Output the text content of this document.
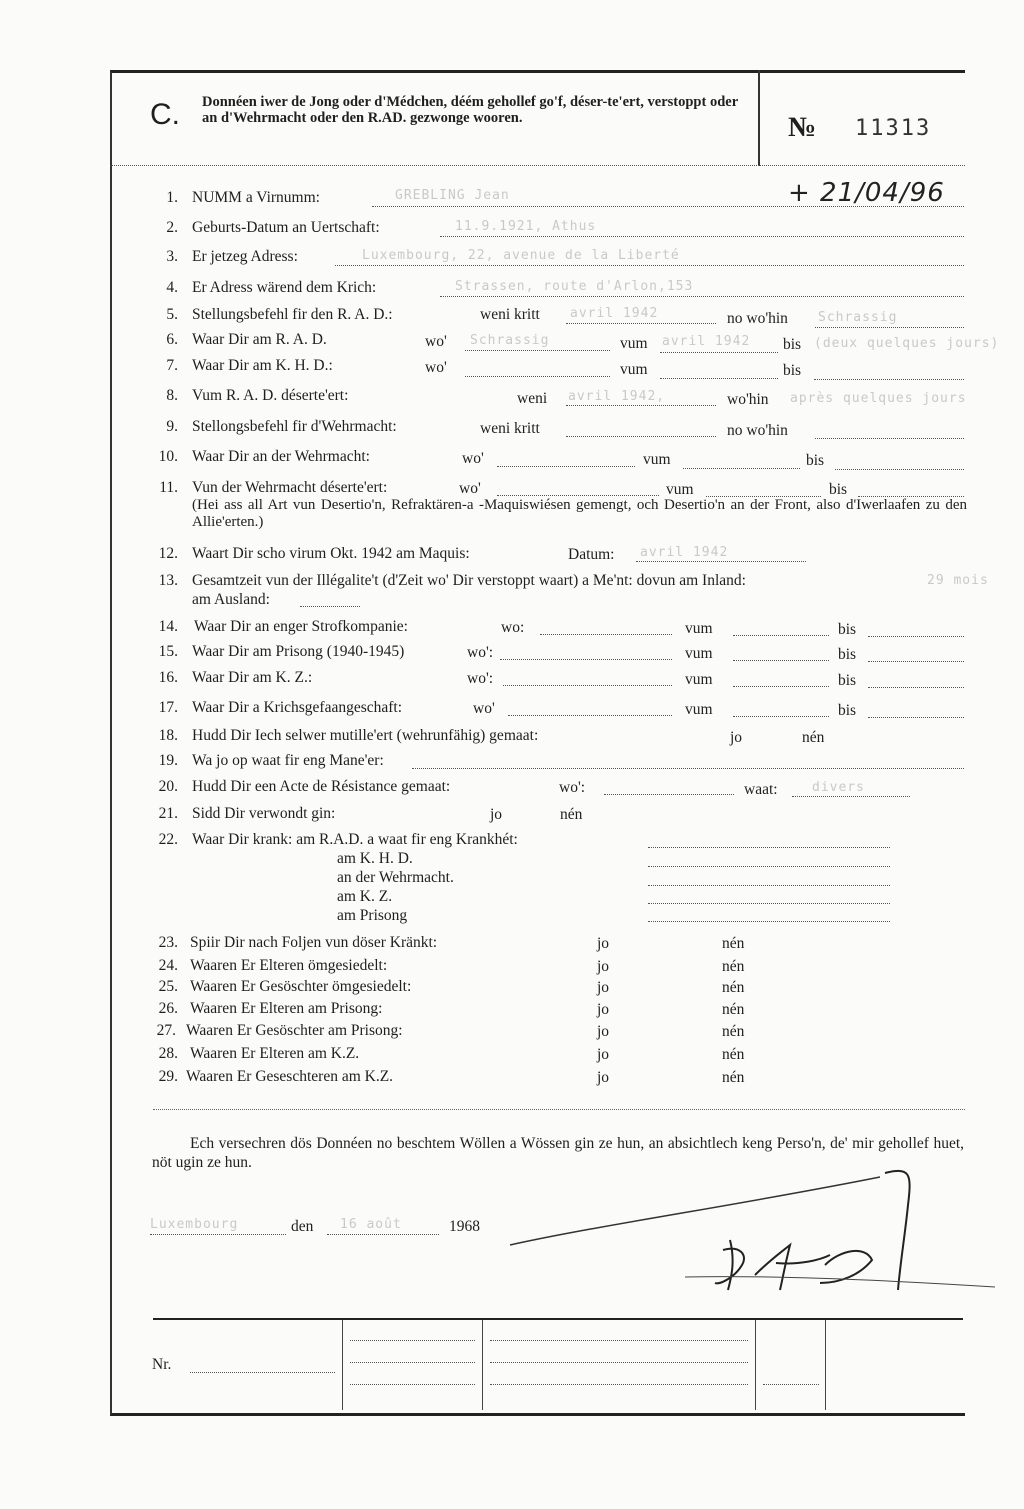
C. Donnéen iwer de Jong oder d'Médchen, déém gehollef go'f, déser-te'ert, verstoppt oder an d'Wehrmacht oder den R.AD. gezwonge wooren.	№ 11313
1. NUMM a Virnumm:	GREBLING Jean	+ 21/04/96
2. Geburts-Datum an Uertschaft:	11.9.1921, Athus
3. Er jetzeg Adress:	Luxembourg, 22, avenue de la Liberté
4. Er Adress wärend dem Krich:	Strassen, route d'Arlon,153
5. Stellungsbefehl fir den R. A. D.:	weni kritt avril 1942	no wo'hin Schrassig
6. Waar Dir am R. A. D.	wo' Schrassig	vum avril 1942 bis (deux quelques jours)
7. Waar Dir am K. H. D.:	wo'	vum	bis
8. Vum R. A. D. déserte'ert:	weni avril 1942,	wo'hin après quelques jours
9. Stellongsbefehl fir d'Wehrmacht:	weni kritt	no wo'hin
10. Waar Dir an der Wehrmacht:	wo'	vum	bis
11. Vun der Wehrmacht déserte'ert:	wo'	vum	bis
(Hei ass all Art vun Desertio'n, Refraktären-a -Maquiswiésen gemengt, och Desertio'n an der Front, also d'Iwerlaafen zu den Allie'erten.)
12. Waart Dir scho virum Okt. 1942 am Maquis:	Datum: avril 1942
13. Gesamtzeit vun der Illégalite't (d'Zeit wo' Dir verstoppt waart) a Me'nt: dovun am Inland:	29 mois
am Ausland:
14. Waar Dir an enger Strofkompanie:	wo:	vum	bis
15. Waar Dir am Prisong (1940-1945)	wo':	vum	bis
16. Waar Dir am K. Z.:	wo':	vum	bis
17. Waar Dir a Krichsgefaangeschaft:	wo'	vum	bis
18. Hudd Dir Iech selwer mutille'ert (wehrunfähig) gemaat:	jo	nén
19. Wa jo op waat fir eng Mane'er:
20. Hudd Dir een Acte de Résistance gemaat:	wo':	waat:	divers
21. Sidd Dir verwondt gin:	jo	nén
22. Waar Dir krank: am R.A.D. a waat fir eng Krankhét:
am K. H. D.
an der Wehrmacht.
am K. Z.
am Prisong
23. Spiir Dir nach Foljen vun döser Kränkt:	jo	nén
24. Waaren Er Elteren ömgesiedelt:	jo	nén
25. Waaren Er Gesöschter ömgesiedelt:	jo	nén
26. Waaren Er Elteren am Prisong:	jo	nén
27. Waaren Er Gesöschter am Prisong:	jo	nén
28. Waaren Er Elteren am K.Z.	jo	nén
29. Waaren Er Geseschteren am K.Z.	jo	nén
Ech versechren dös Donnéen no beschtem Wöllen a Wössen gin ze hun, an absichtlech keng Perso'n, de' mir gehollef huet, nöt ugin ze hun.
Luxembourg	den 16 août	1968
Nr.
